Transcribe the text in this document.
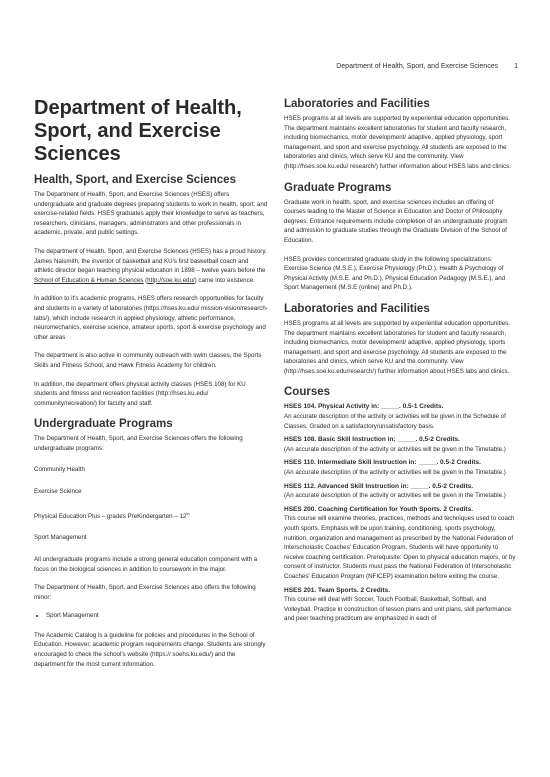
Department of Health, Sport, and Exercise Sciences 1
Department of Health, Sport, and Exercise Sciences
Health, Sport, and Exercise Sciences

The Department of Health, Sport, and Exercise Sciences (HSES) offers undergraduate and graduate degrees preparing students to work in health, sport, and exercise-related fields. HSES graduates apply their knowledge to serve as teachers, researchers, clinicians, managers, administrators and other professionals in academic, private, and public settings.

The department of Health, Sport, and Exercise Sciences (HSES) has a proud history. James Naismith, the inventor of basketball and KU's first basketball coach and athletic director began teaching physical education in 1898 – twelve years before the School of Education & Human Sciences (http://soe.ku.edu/) came into existence.

In addition to it's academic programs, HSES offers research opportunities for faculty and students in a variety of laboratories (https://hses.ku.edu/ mission-vision/research-labs/), which include research in applied physiology, athletic performance, neuromechanics, exercise science, amateur sports, sport & exercise psychology and other areas

The department is also active in community outreach with swim classes, the Sports Skills and Fitness School, and Hawk Fitness Academy for children.

In addition, the department offers physical activity classes (HSES 108) for KU students and fitness and recreation facilities (http://hses.ku.edu/ community/recreation/) for faculty and staff.

Undergraduate Programs

The Department of Health, Sport, and Exercise Sciences offers the following undergraduate programs:

Community Health

Exercise Science

Physical Education Plus – grades PreKindergarten – 12th

Sport Management

All undergraduate programs include a strong general education component with a focus on the biological sciences in addition to coursework in the major.

The Department of Health, Sport, and Exercise Sciences also offers the following minor:

• Sport Management

The Academic Catalog is a guideline for policies and procedures in the School of Education. However, academic program requirements change. Students are strongly encouraged to check the school's website (https:// soehs.ku.edu/) and the department for the most current information.

Laboratories and Facilities

HSES programs at all levels are supported by experiential education opportunities. The department maintains excellent laboratories for student and faculty research, including biomechanics, motor development/ adaptive, applied physiology, sport management, and sport and exercise psychology. All students are exposed to the laboratories and clinics, which serve KU and the community. View (http://hses.soe.ku.edu/ research/) further information about HSES labs and clinics.

Graduate Programs

Graduate work in health, sport, and exercise sciences includes an offering of courses leading to the Master of Science in Education and Doctor of Philosophy degrees. Entrance requirements include completion of an undergraduate program and admission to graduate studies through the Graduate Division of the School of Education.

HSES provides concentrated graduate study in the following specializations: Exercise Science (M.S.E.), Exercise Physiology (Ph.D.), Health & Psychology of Physical Activity (M.S.E. and Ph.D.), Physical Education Pedagogy (M.S.E.), and Sport Management (M.S.E (online) and Ph.D.).

Laboratories and Facilities

HSES programs at all levels are supported by experiential education opportunities. The department maintains excellent laboratories for student and faculty research, including biomechanics, motor development/ adaptive, applied physiology, sports management, and sport and exercise psychology. All students are exposed to the laboratories and clinics, which serve KU and the community. View (http://hses.soe.ku.edu/research/) further information about HSES labs and clinics.

Courses
HSES 104. Physical Activity in: _____. 0.5-1 Credits.
An accurate description of the activity or activities will be given in the Schedule of Classes. Graded on a satisfactory/unsatisfactory basis.
HSES 108. Basic Skill Instruction in: _____. 0.5-2 Credits.
(An accurate description of the activity or activities will be given in the Timetable.)
HSES 110. Intermediate Skill Instruction in: _____. 0.5-2 Credits.
(An accurate description of the activity or activities will be given in the Timetable.)
HSES 112. Advanced Skill Instruction in: _____. 0.5-2 Credits.
(An accurate description of the activity or activities will be given in the Timetable.)
HSES 200. Coaching Certification for Youth Sports. 2 Credits.
This course will examine theories, practices, methods and techniques used to coach youth sports. Emphasis will be upon training, conditioning, sports psychology, nutrition, organization and management as prescribed by the National Federation of Interscholastic Coaches' Education Program. Students will have opportunity to receive coaching certification. Prerequisite: Open to physical education majors, or by consent of instructor. Students must pass the National Federation of Interscholastic Coaches' Education Program (NFICEP) examination before exiting the course.
HSES 201. Team Sports. 2 Credits.
This course will deal with Soccer, Touch Football, Basketball, Softball, and Volleyball. Practice in construction of lesson plans and unit plans, skill performance and peer teaching practicum are emphasized in each of
